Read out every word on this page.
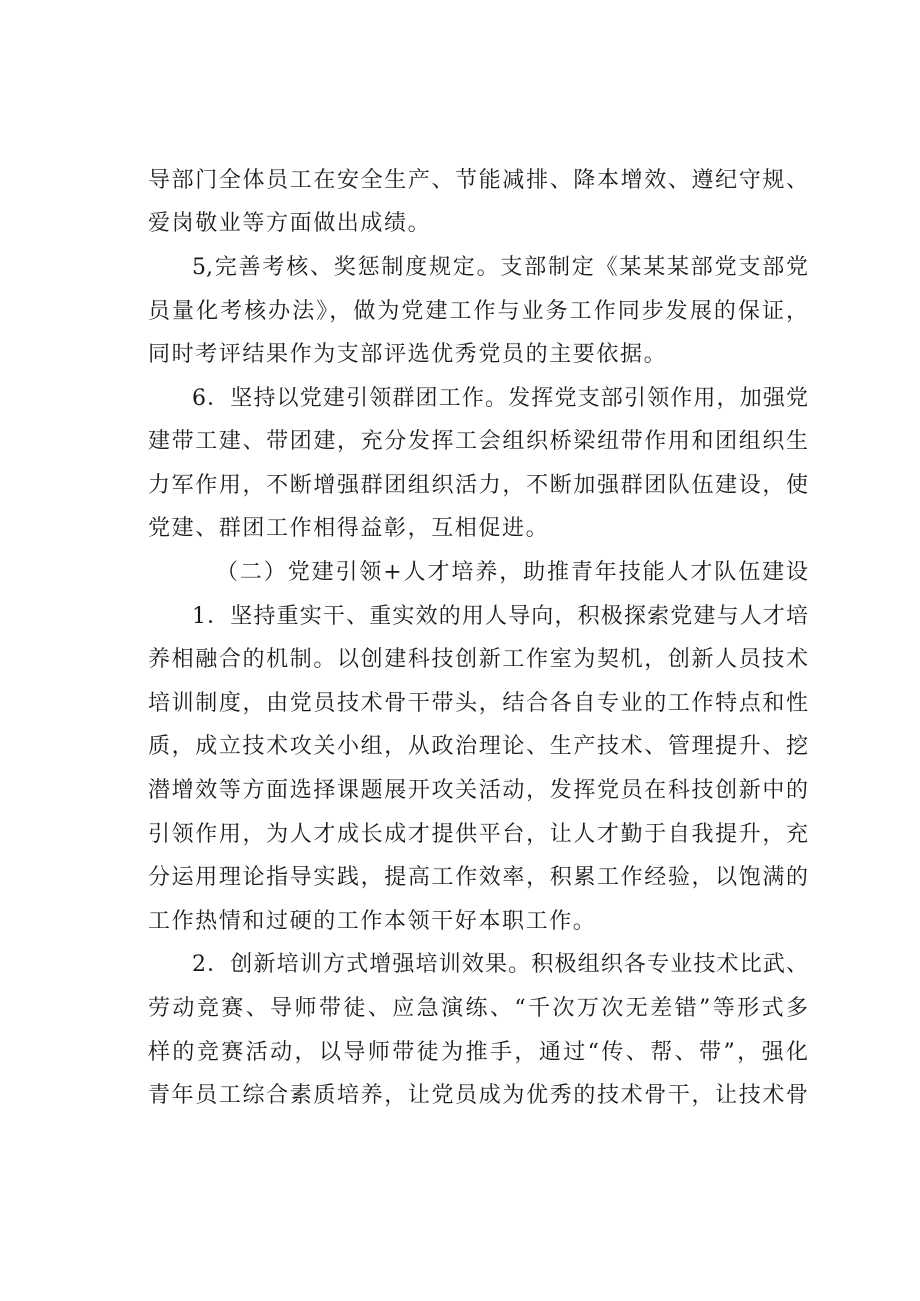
导部门全体员工在安全生产、节能减排、降本增效、遵纪守规、
爱岗敬业等方面做出成绩。
5,完善考核、奖惩制度规定。支部制定《某某某部党支部党
员量化考核办法》，做为党建工作与业务工作同步发展的保证，
同时考评结果作为支部评选优秀党员的主要依据。
6．坚持以党建引领群团工作。发挥党支部引领作用，加强党
建带工建、带团建，充分发挥工会组织桥梁纽带作用和团组织生
力军作用，不断增强群团组织活力，不断加强群团队伍建设，使
党建、群团工作相得益彰，互相促进。
（二）党建引领+人才培养，助推青年技能人才队伍建设
1．坚持重实干、重实效的用人导向，积极探索党建与人才培
养相融合的机制。以创建科技创新工作室为契机，创新人员技术
培训制度，由党员技术骨干带头，结合各自专业的工作特点和性
质，成立技术攻关小组，从政治理论、生产技术、管理提升、挖
潜增效等方面选择课题展开攻关活动，发挥党员在科技创新中的
引领作用，为人才成长成才提供平台，让人才勤于自我提升，充
分运用理论指导实践，提高工作效率，积累工作经验，以饱满的
工作热情和过硬的工作本领干好本职工作。
2．创新培训方式增强培训效果。积极组织各专业技术比武、
劳动竞赛、导师带徒、应急演练、“千次万次无差错”等形式多
样的竞赛活动，以导师带徒为推手，通过“传、帮、带”，强化
青年员工综合素质培养，让党员成为优秀的技术骨干，让技术骨
